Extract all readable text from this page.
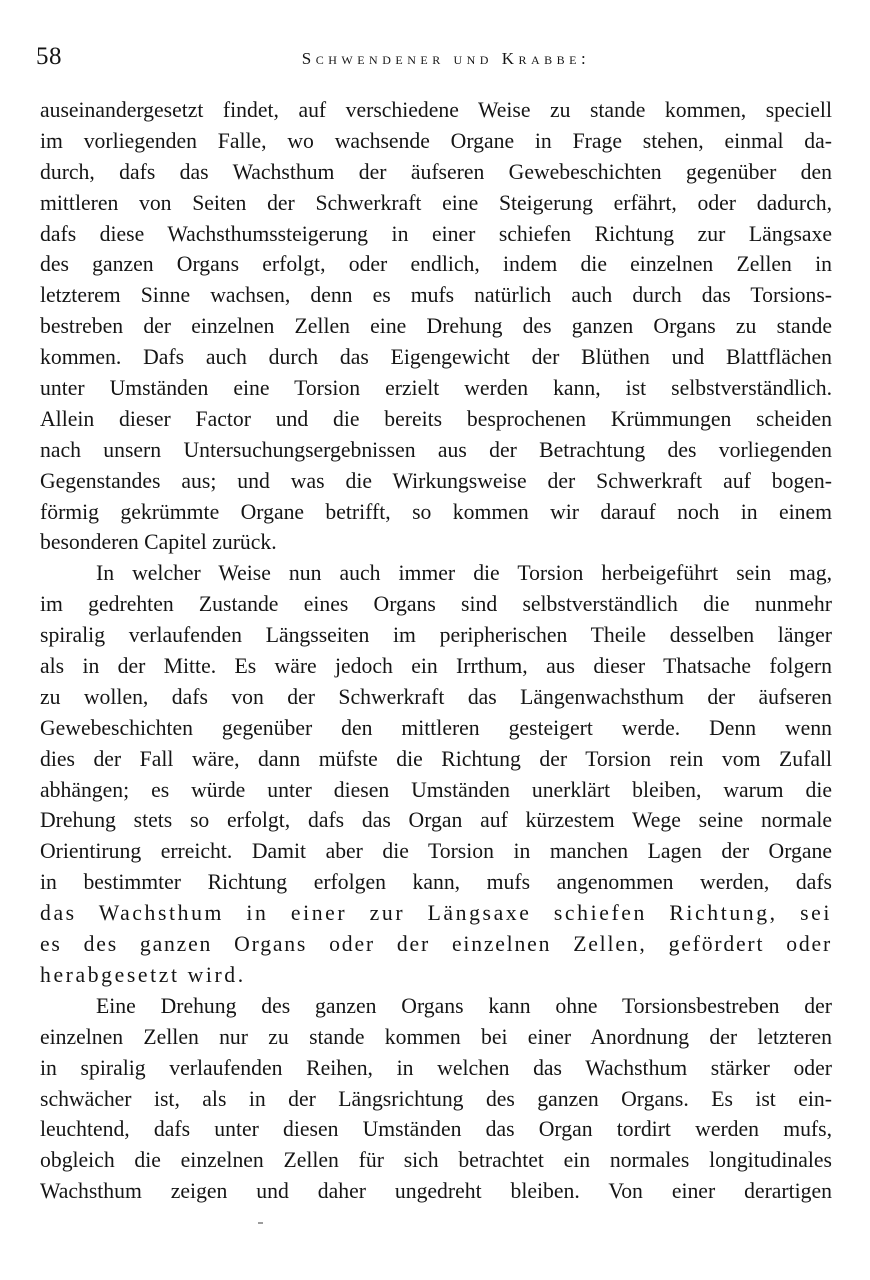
58	Schwendener und Krabbe:
auseinandergesetzt findet, auf verschiedene Weise zu stande kommen, speciell
im vorliegenden Falle, wo wachsende Organe in Frage stehen, einmal da-
durch, dafs das Wachsthum der äufseren Gewebeschichten gegenüber den
mittleren von Seiten der Schwerkraft eine Steigerung erfährt, oder dadurch,
dafs diese Wachsthumssteigerung in einer schiefen Richtung zur Längsaxe
des ganzen Organs erfolgt, oder endlich, indem die einzelnen Zellen in
letzterem Sinne wachsen, denn es mufs natürlich auch durch das Torsions-
bestreben der einzelnen Zellen eine Drehung des ganzen Organs zu stande
kommen. Dafs auch durch das Eigengewicht der Blüthen und Blattflächen
unter Umständen eine Torsion erzielt werden kann, ist selbstverständlich.
Allein dieser Factor und die bereits besprochenen Krümmungen scheiden
nach unsern Untersuchungsergebnissen aus der Betrachtung des vorliegenden
Gegenstandes aus; und was die Wirkungsweise der Schwerkraft auf bogen-
förmig gekrümmte Organe betrifft, so kommen wir darauf noch in einem
besonderen Capitel zurück.
In welcher Weise nun auch immer die Torsion herbeigeführt sein mag,
im gedrehten Zustande eines Organs sind selbstverständlich die nunmehr
spiralig verlaufenden Längsseiten im peripherischen Theile desselben länger
als in der Mitte. Es wäre jedoch ein Irrthum, aus dieser Thatsache folgern
zu wollen, dafs von der Schwerkraft das Längenwachsthum der äufseren
Gewebeschichten gegenüber den mittleren gesteigert werde. Denn wenn
dies der Fall wäre, dann müfste die Richtung der Torsion rein vom Zufall
abhängen; es würde unter diesen Umständen unerklärt bleiben, warum die
Drehung stets so erfolgt, dafs das Organ auf kürzestem Wege seine normale
Orientirung erreicht. Damit aber die Torsion in manchen Lagen der Organe
in bestimmter Richtung erfolgen kann, mufs angenommen werden, dafs
das Wachsthum in einer zur Längsaxe schiefen Richtung, sei
es des ganzen Organs oder der einzelnen Zellen, gefördert oder
herabgesetzt wird.
Eine Drehung des ganzen Organs kann ohne Torsionsbestreben der
einzelnen Zellen nur zu stande kommen bei einer Anordnung der letzteren
in spiralig verlaufenden Reihen, in welchen das Wachsthum stärker oder
schwächer ist, als in der Längsrichtung des ganzen Organs. Es ist ein-
leuchtend, dafs unter diesen Umständen das Organ tordirt werden mufs,
obgleich die einzelnen Zellen für sich betrachtet ein normales longitudinales
Wachsthum zeigen und daher ungedreht bleiben. Von einer derartigen
